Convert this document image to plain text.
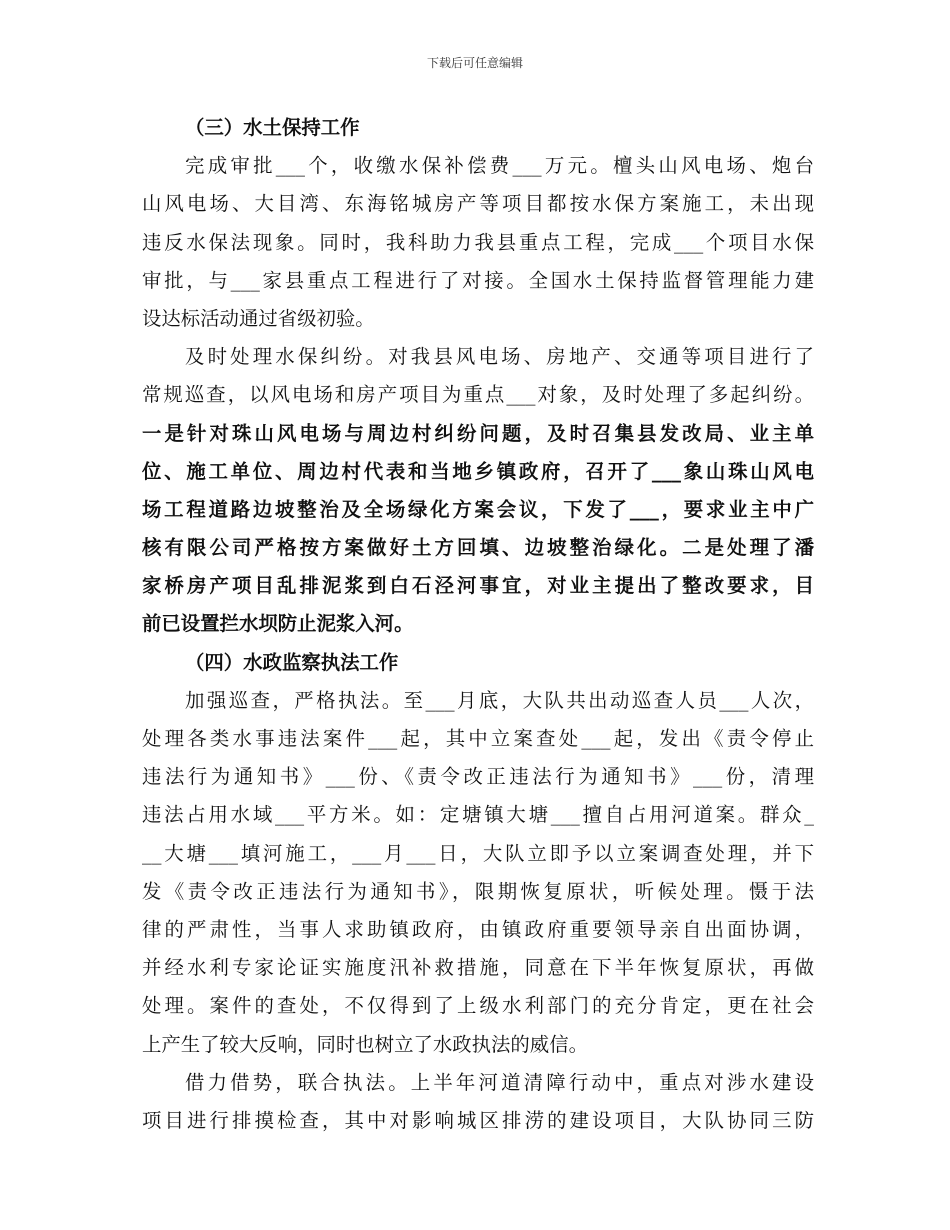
下载后可任意编辑
（三）水土保持工作
完成审批___个，收缴水保补偿费___万元。檀头山风电场、炮台
山风电场、大目湾、东海铭城房产等项目都按水保方案施工，未出现
违反水保法现象。同时，我科助力我县重点工程，完成___个项目水保
审批，与___家县重点工程进行了对接。全国水土保持监督管理能力建
设达标活动通过省级初验。
及时处理水保纠纷。对我县风电场、房地产、交通等项目进行了
常规巡查，以风电场和房产项目为重点___对象，及时处理了多起纠纷。
一是针对珠山风电场与周边村纠纷问题，及时召集县发改局、业主单
位、施工单位、周边村代表和当地乡镇政府，召开了___象山珠山风电
场工程道路边坡整治及全场绿化方案会议，下发了___，要求业主中广
核有限公司严格按方案做好土方回填、边坡整治绿化。二是处理了潘
家桥房产项目乱排泥浆到白石泾河事宜，对业主提出了整改要求，目
前已设置拦水坝防止泥浆入河。
（四）水政监察执法工作
加强巡查，严格执法。至___月底，大队共出动巡查人员___人次，
处理各类水事违法案件___起，其中立案查处___起，发出《责令停止
违法行为通知书》___份、《责令改正违法行为通知书》___份，清理
违法占用水域___平方米。如：定塘镇大塘___擅自占用河道案。群众_
__大塘___填河施工，___月___日，大队立即予以立案调查处理，并下
发《责令改正违法行为通知书》，限期恢复原状，听候处理。慑于法
律的严肃性，当事人求助镇政府，由镇政府重要领导亲自出面协调，
并经水利专家论证实施度汛补救措施，同意在下半年恢复原状，再做
处理。案件的查处，不仅得到了上级水利部门的充分肯定，更在社会
上产生了较大反响，同时也树立了水政执法的威信。
借力借势，联合执法。上半年河道清障行动中，重点对涉水建设
项目进行排摸检查，其中对影响城区排涝的建设项目，大队协同三防
